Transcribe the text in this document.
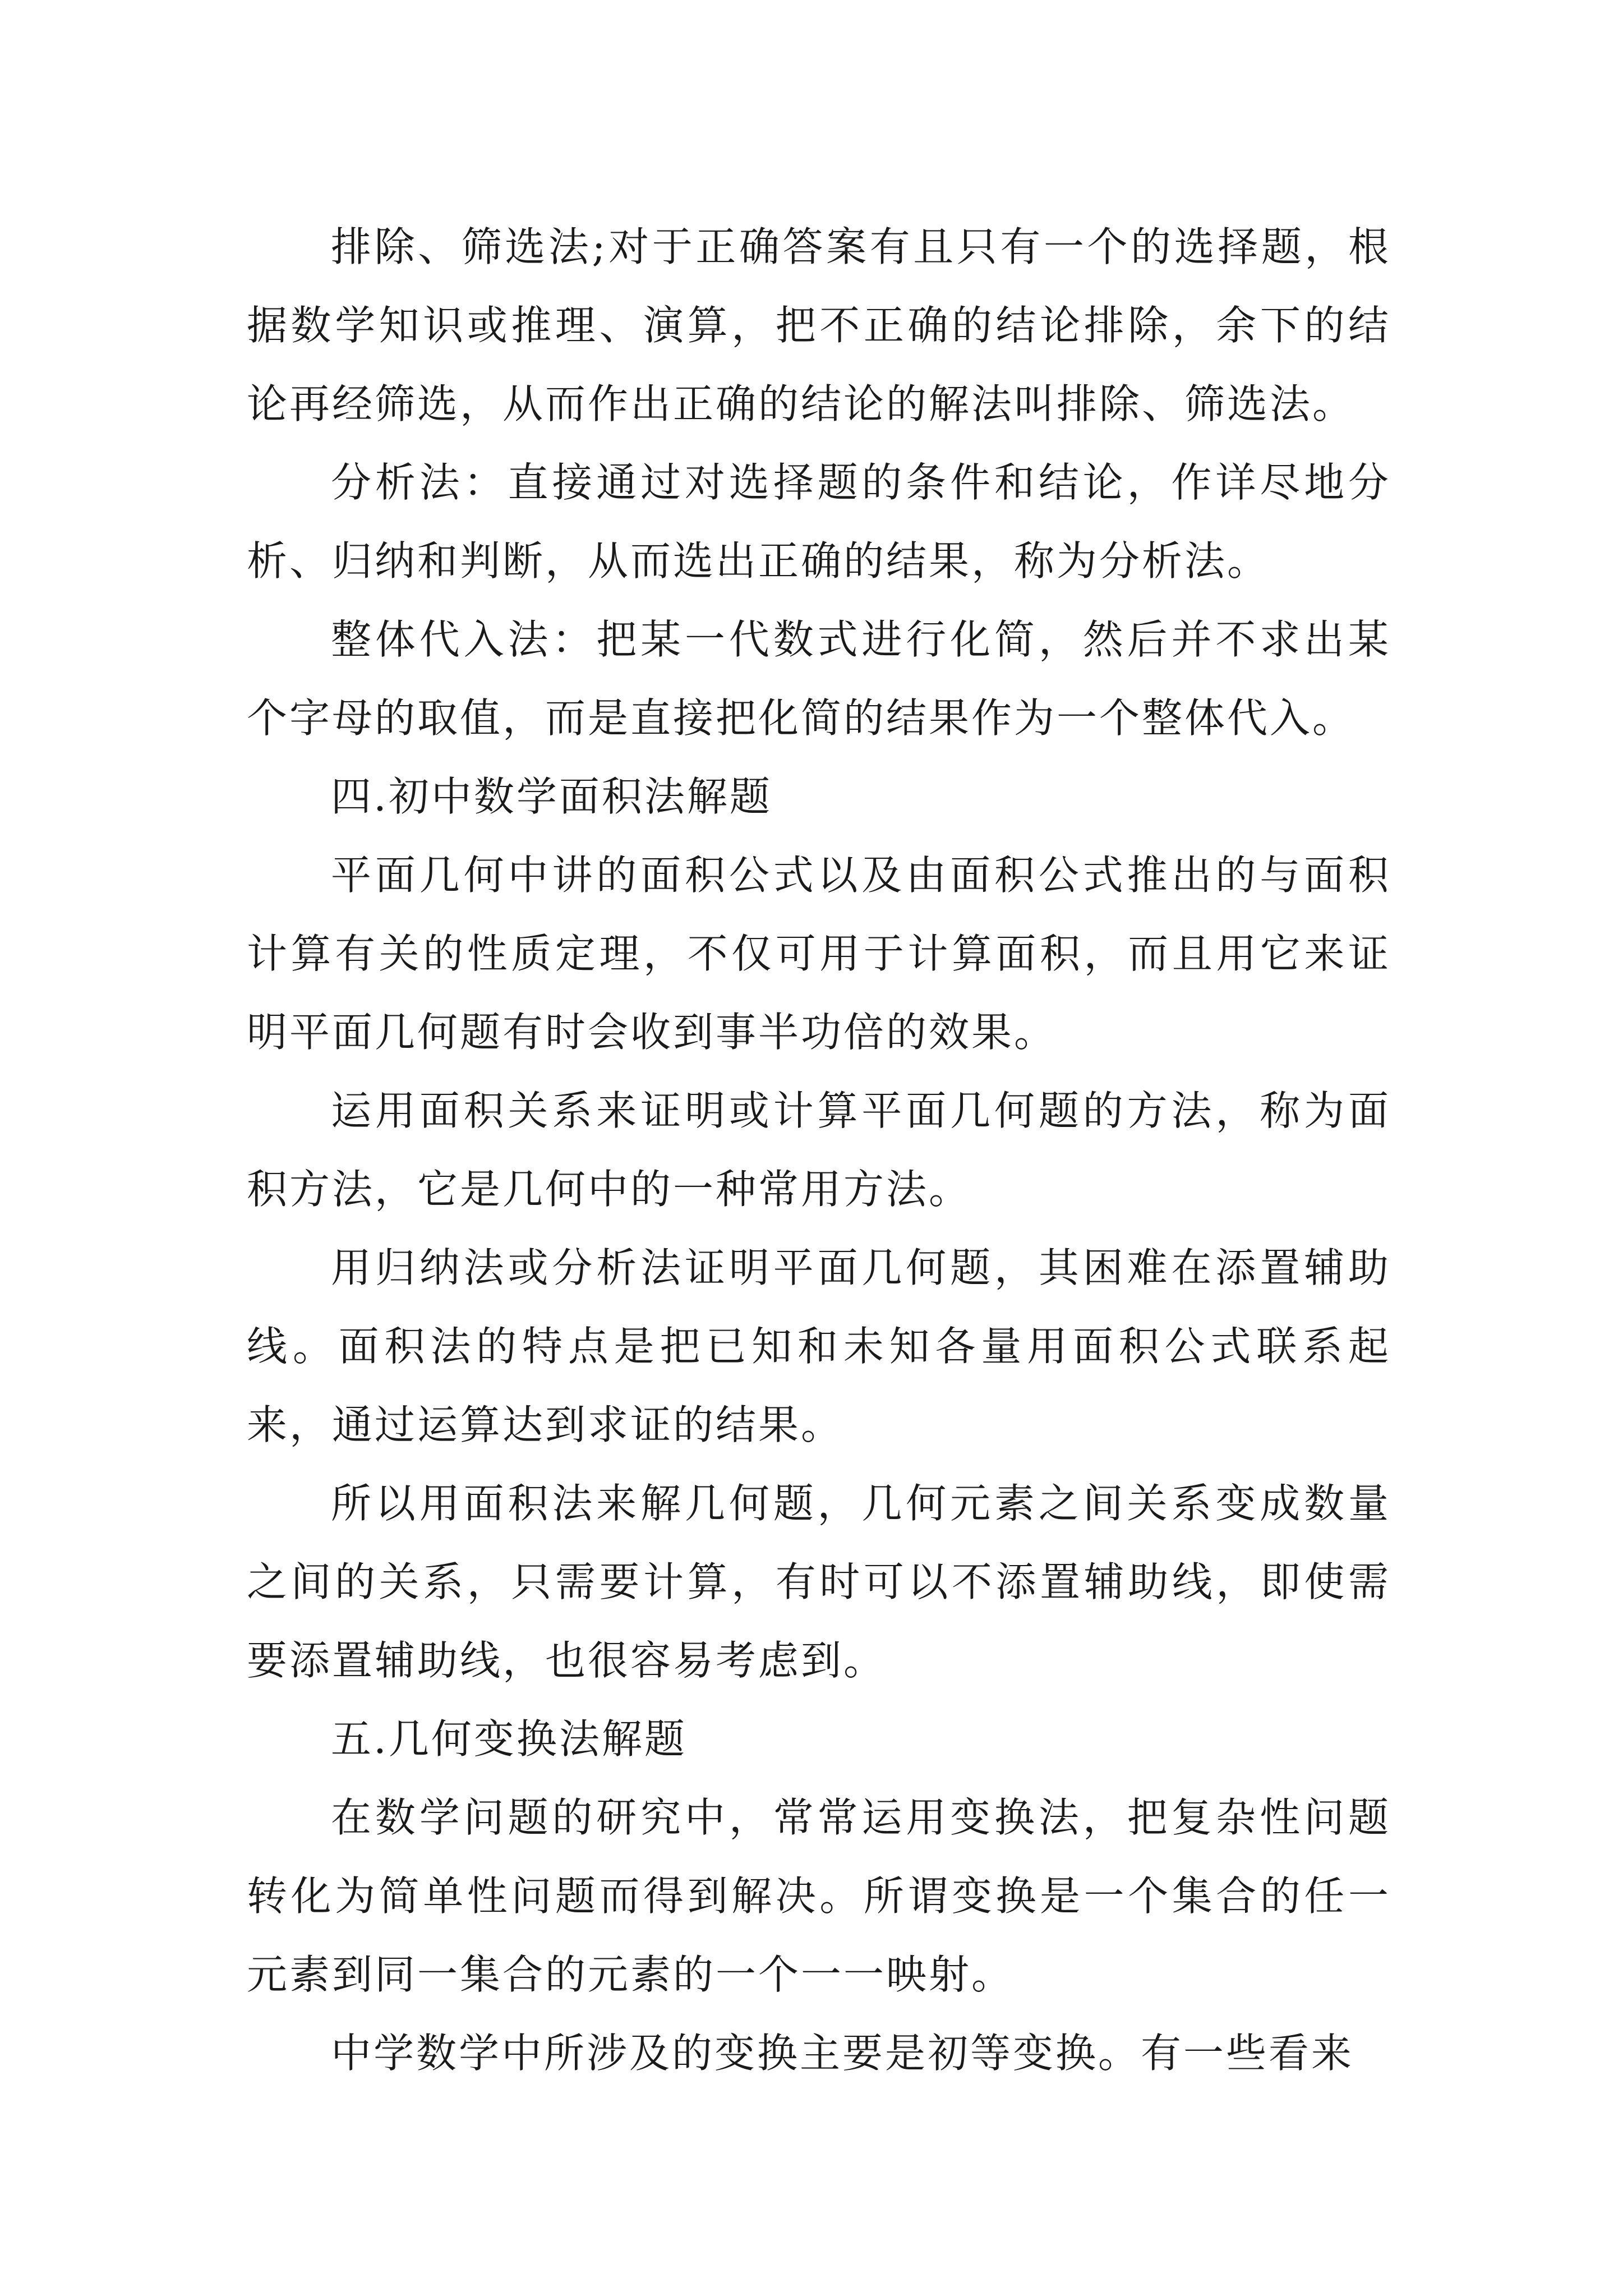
排除、筛选法;对于正确答案有且只有一个的选择题，根据数学知识或推理、演算，把不正确的结论排除，余下的结论再经筛选，从而作出正确的结论的解法叫排除、筛选法。

分析法：直接通过对选择题的条件和结论，作详尽地分析、归纳和判断，从而选出正确的结果，称为分析法。

整体代入法：把某一代数式进行化简，然后并不求出某个字母的取值，而是直接把化简的结果作为一个整体代入。

四.初中数学面积法解题

平面几何中讲的面积公式以及由面积公式推出的与面积计算有关的性质定理，不仅可用于计算面积，而且用它来证明平面几何题有时会收到事半功倍的效果。

运用面积关系来证明或计算平面几何题的方法，称为面积方法，它是几何中的一种常用方法。

用归纳法或分析法证明平面几何题，其困难在添置辅助线。面积法的特点是把已知和未知各量用面积公式联系起来，通过运算达到求证的结果。

所以用面积法来解几何题，几何元素之间关系变成数量之间的关系，只需要计算，有时可以不添置辅助线，即使需要添置辅助线，也很容易考虑到。

五.几何变换法解题

在数学问题的研究中，常常运用变换法，把复杂性问题转化为简单性问题而得到解决。所谓变换是一个集合的任一元素到同一集合的元素的一个一一映射。

中学数学中所涉及的变换主要是初等变换。有一些看来
